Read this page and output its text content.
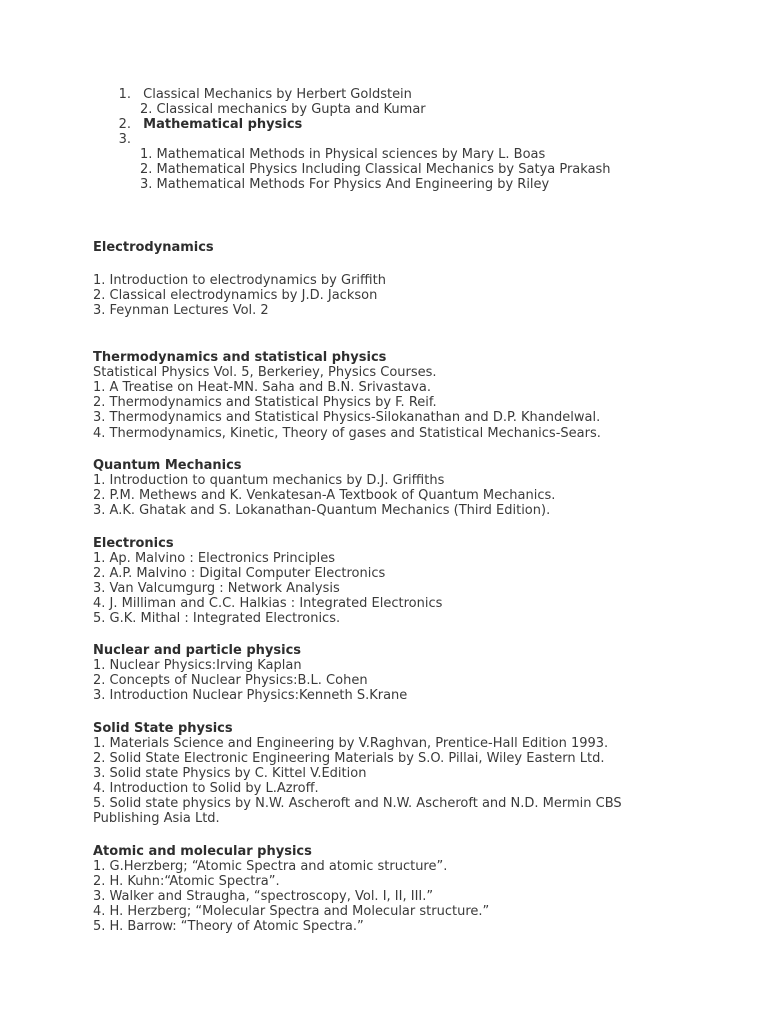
1. Classical Mechanics by Herbert Goldstein
2. Classical mechanics by Gupta and Kumar
2. Mathematical physics
3.
1. Mathematical Methods in Physical sciences by Mary L. Boas
2. Mathematical Physics Including Classical Mechanics by Satya Prakash
3. Mathematical Methods For Physics And Engineering by Riley
Electrodynamics
1. Introduction to electrodynamics by Griffith
2. Classical electrodynamics by J.D. Jackson
3. Feynman Lectures Vol. 2
Thermodynamics and statistical physics
Statistical Physics Vol. 5, Berkeriey, Physics Courses.
1. A Treatise on Heat-MN. Saha and B.N. Srivastava.
2. Thermodynamics and Statistical Physics by F. Reif.
3. Thermodynamics and Statistical Physics-Silokanathan and D.P. Khandelwal.
4. Thermodynamics, Kinetic, Theory of gases and Statistical Mechanics-Sears.
Quantum Mechanics
1. Introduction to quantum mechanics by D.J. Griffiths
2. P.M. Methews and K. Venkatesan-A Textbook of Quantum Mechanics.
3. A.K. Ghatak and S. Lokanathan-Quantum Mechanics (Third Edition).
Electronics
1. Ap. Malvino : Electronics Principles
2. A.P. Malvino : Digital Computer Electronics
3. Van Valcumgurg : Network Analysis
4. J. Milliman and C.C. Halkias : Integrated Electronics
5. G.K. Mithal : Integrated Electronics.
Nuclear and particle physics
1. Nuclear Physics:Irving Kaplan
2. Concepts of Nuclear Physics:B.L. Cohen
3. Introduction Nuclear Physics:Kenneth S.Krane
Solid State physics
1. Materials Science and Engineering by V.Raghvan, Prentice-Hall Edition 1993.
2. Solid State Electronic Engineering Materials by S.O. Pillai, Wiley Eastern Ltd.
3. Solid state Physics by C. Kittel V.Edition
4. Introduction to Solid by L.Azroff.
5. Solid state physics by N.W. Ascheroft and N.W. Ascheroft and N.D. Mermin CBS
Publishing Asia Ltd.
Atomic and molecular physics
1. G.Herzberg; “Atomic Spectra and atomic structure”.
2. H. Kuhn:“Atomic Spectra”.
3. Walker and Straugha, “spectroscopy, Vol. I, II, III.”
4. H. Herzberg; “Molecular Spectra and Molecular structure.”
5. H. Barrow: “Theory of Atomic Spectra.”
